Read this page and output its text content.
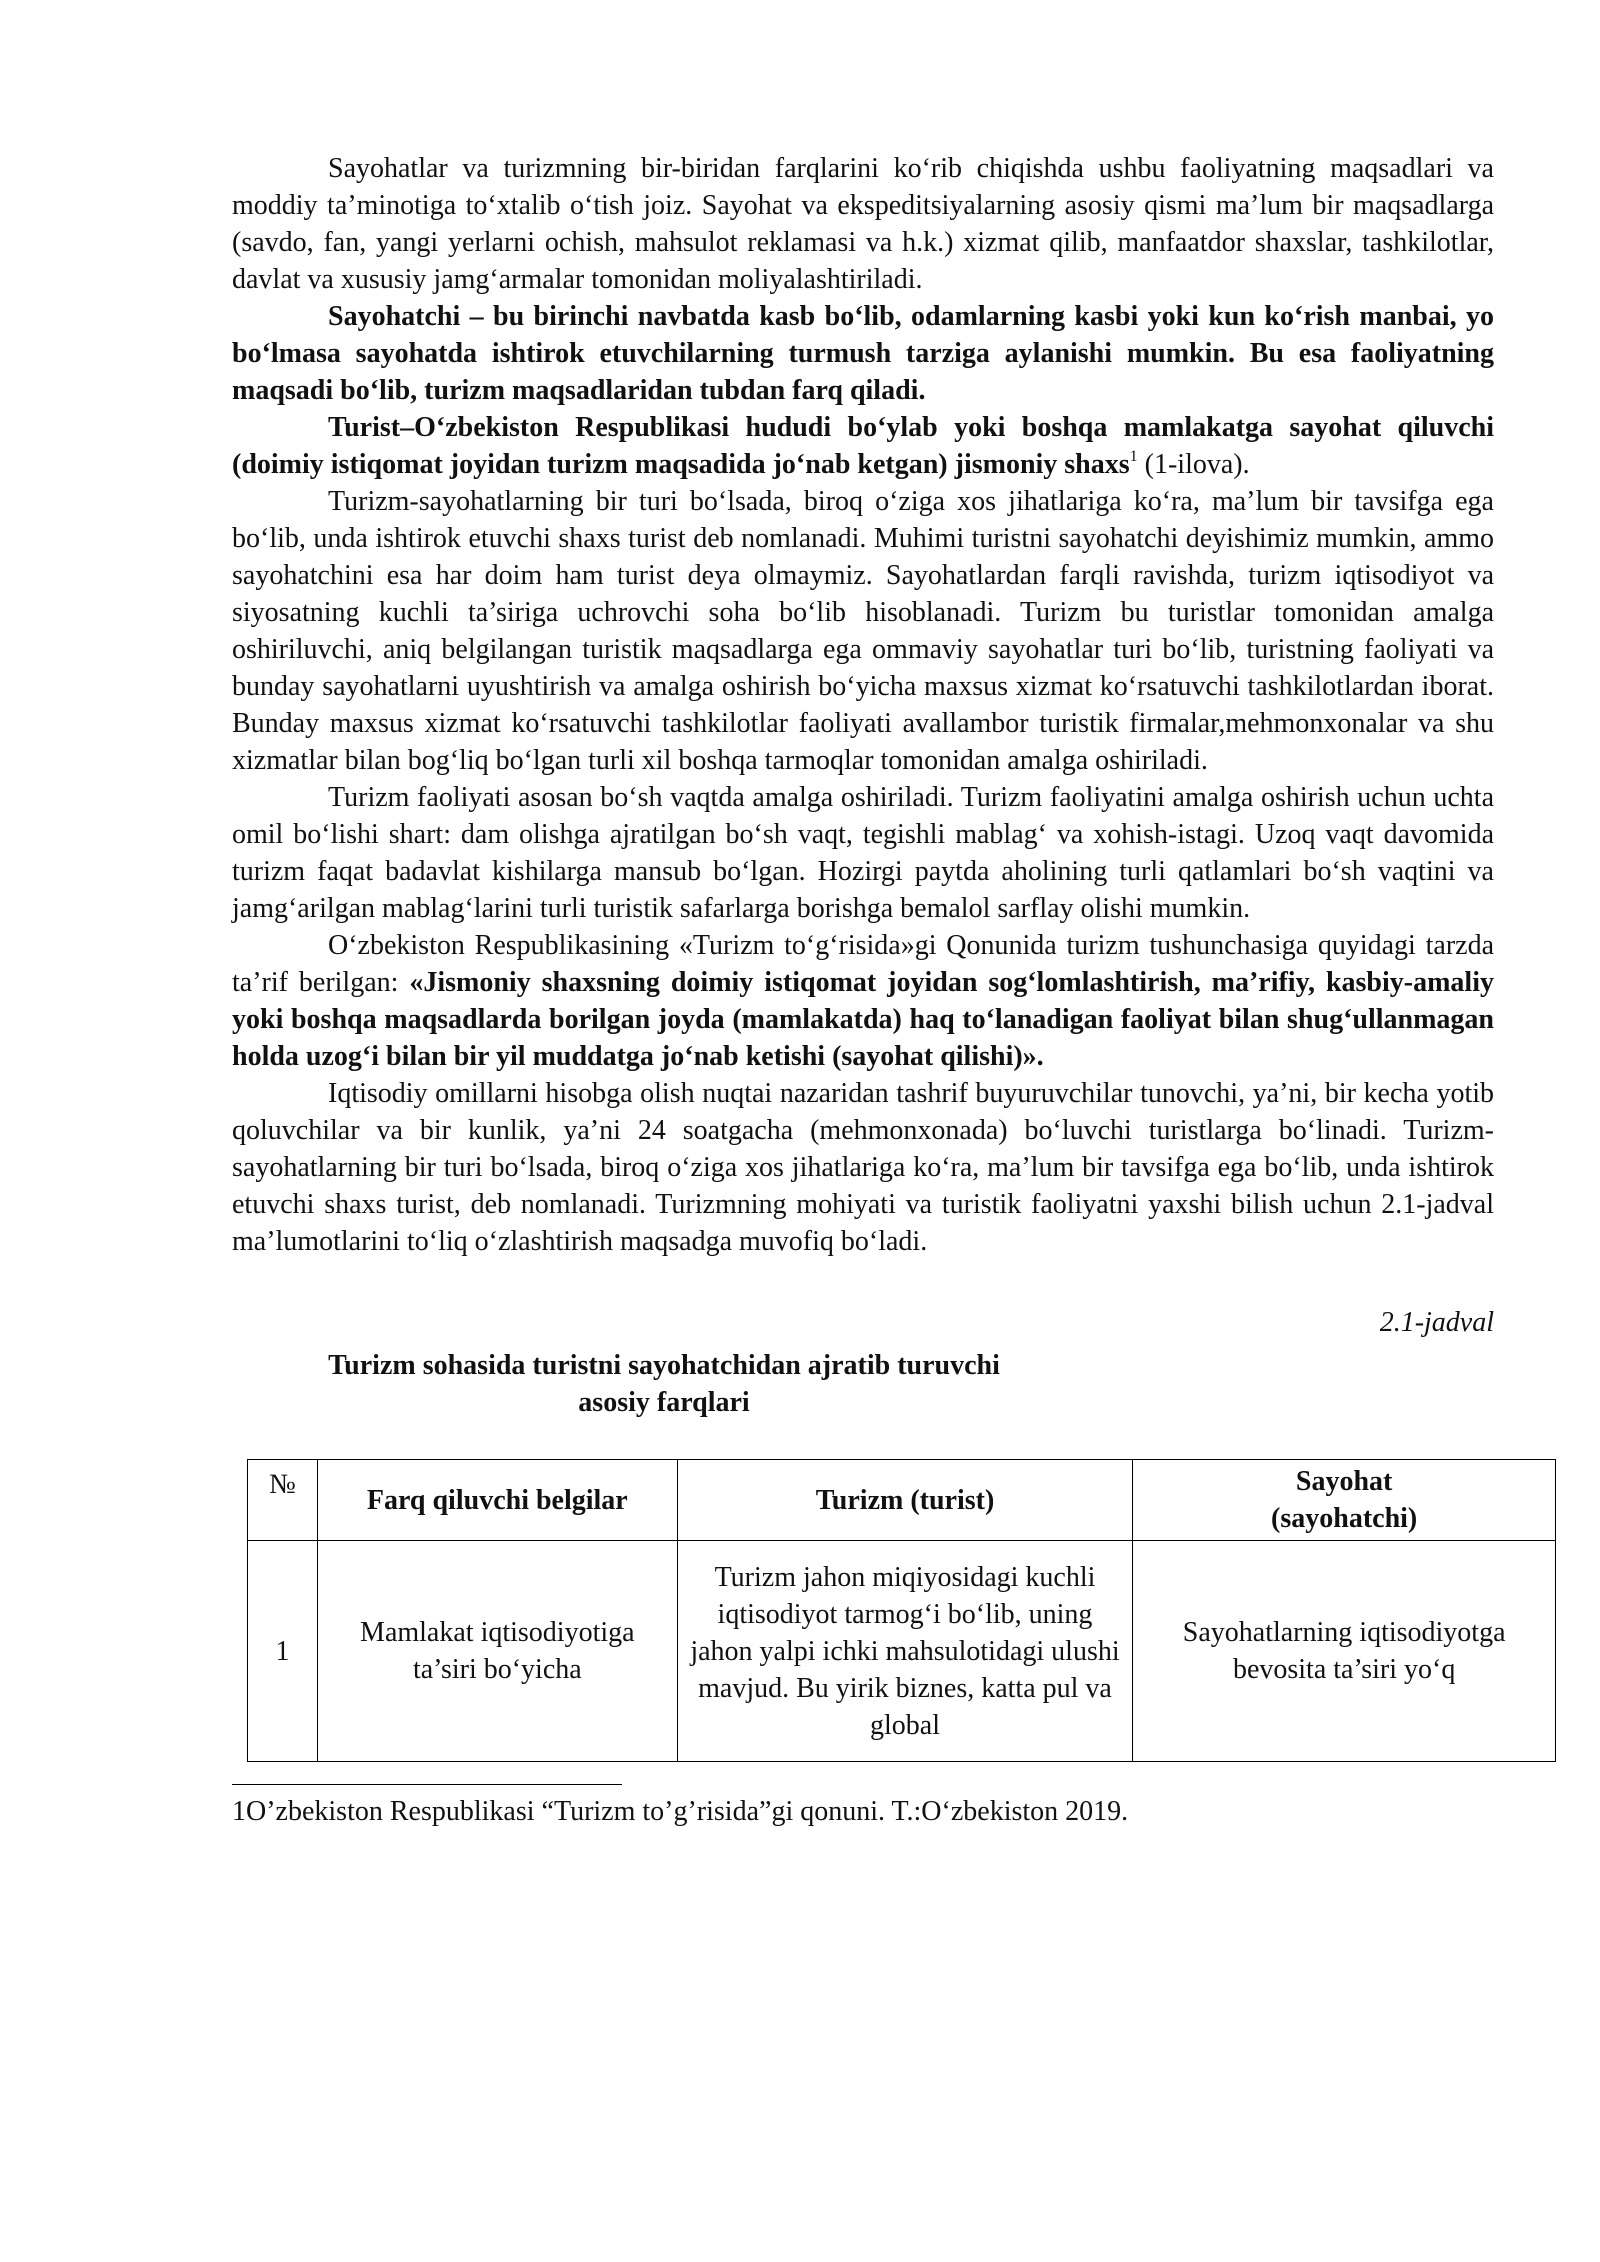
Sayohatlar va turizmning bir-biridan farqlarini ko‘rib chiqishda ushbu faoliyatning maqsadlari va moddiy ta’minotiga to‘xtalib o‘tish joiz. Sayohat va ekspeditsiyalarning asosiy qismi ma’lum bir maqsadlarga (savdo, fan, yangi yerlarni ochish, mahsulot reklamasi va h.k.) xizmat qilib, manfaatdor shaxslar, tashkilotlar, davlat va xususiy jamg‘armalar tomonidan moliyalashtiriladi.

Sayohatchi – bu birinchi navbatda kasb bo‘lib, odamlarning kasbi yoki kun ko‘rish manbai, yo bo‘lmasa sayohatda ishtirok etuvchilarning turmush tarziga aylanishi mumkin. Bu esa faoliyatning maqsadi bo‘lib, turizm maqsadlaridan tubdan farq qiladi.

Turist–O‘zbekiston Respublikasi hududi bo‘ylab yoki boshqa mamlakatga sayohat qiluvchi (doimiy istiqomat joyidan turizm maqsadida jo‘nab ketgan) jismoniy shaxs$^1$ (1-ilova).

Turizm-sayohatlarning bir turi bo‘lsada, biroq o‘ziga xos jihatlariga ko‘ra, ma’lum bir tavsifga ega bo‘lib, unda ishtirok etuvchi shaxs turist deb nomlanadi. Muhimi turistni sayohatchi deyishimiz mumkin, ammo sayohatchini esa har doim ham turist deya olmaymiz. Sayohatlardan farqli ravishda, turizm iqtisodiyot va siyosatning kuchli ta’siriga uchrovchi soha bo‘lib hisoblanadi. Turizm bu turistlar tomonidan amalga oshiriluvchi, aniq belgilangan turistik maqsadlarga ega ommaviy sayohatlar turi bo‘lib, turistning faoliyati va bunday sayohatlarni uyushtirish va amalga oshirish bo‘yicha maxsus xizmat ko‘rsatuvchi tashkilotlardan iborat. Bunday maxsus xizmat ko‘rsatuvchi tashkilotlar faoliyati avallambor turistik firmalar,mehmonxonalar va shu xizmatlar bilan bog‘liq bo‘lgan turli xil boshqa tarmoqlar tomonidan amalga oshiriladi.

Turizm faoliyati asosan bo‘sh vaqtda amalga oshiriladi. Turizm faoliyatini amalga oshirish uchun uchta omil bo‘lishi shart: dam olishga ajratilgan bo‘sh vaqt, tegishli mablag‘ va xohish-istagi. Uzoq vaqt davomida turizm faqat badavlat kishilarga mansub bo‘lgan. Hozirgi paytda aholining turli qatlamlari bo‘sh vaqtini va jamg‘arilgan mablag‘larini turli turistik safarlarga borishga bemalol sarflay olishi mumkin.

O‘zbekiston Respublikasining «Turizm to‘g‘risida»gi Qonunida turizm tushunchasiga quyidagi tarzda ta’rif berilgan: «Jismoniy shaxsning doimiy istiqomat joyidan sog‘lomlashtirish, ma’rifiy, kasbiy-amaliy yoki boshqa maqsadlarda borilgan joyda (mamlakatda) haq to‘lanadigan faoliyat bilan shug‘ullanmagan holda uzog‘i bilan bir yil muddatga jo‘nab ketishi (sayohat qilishi)».

Iqtisodiy omillarni hisobga olish nuqtai nazaridan tashrif buyuruvchilar tunovchi, ya’ni, bir kecha yotib qoluvchilar va bir kunlik, ya’ni 24 soatgacha (mehmonxonada) bo‘luvchi turistlarga bo‘linadi. Turizm-sayohatlarning bir turi bo‘lsada, biroq o‘ziga xos jihatlariga ko‘ra, ma’lum bir tavsifga ega bo‘lib, unda ishtirok etuvchi shaxs turist, deb nomlanadi. Turizmning mohiyati va turistik faoliyatni yaxshi bilish uchun 2.1-jadval ma’lumotlarini to‘liq o‘zlashtirish maqsadga muvofiq bo‘ladi.

2.1-jadval
Turizm sohasida turistni sayohatchidan ajratib turuvchi
asosiy farqlari
№	Farq qiluvchi belgilar	Turizm (turist)	Sayohat
(sayohatchi)

1	Mamlakat iqtisodiyotiga ta’siri bo‘yicha	Turizm jahon miqiyosidagi kuchli iqtisodiyot tarmog‘i bo‘lib, uning jahon yalpi ichki mahsulotidagi ulushi mavjud. Bu yirik biznes, katta pul va global	Sayohatlarning iqtisodiyotga bevosita ta’siri yo‘q
1O’zbekiston Respublikasi “Turizm to’g’risida”gi qonuni. T.:O‘zbekiston 2019.
